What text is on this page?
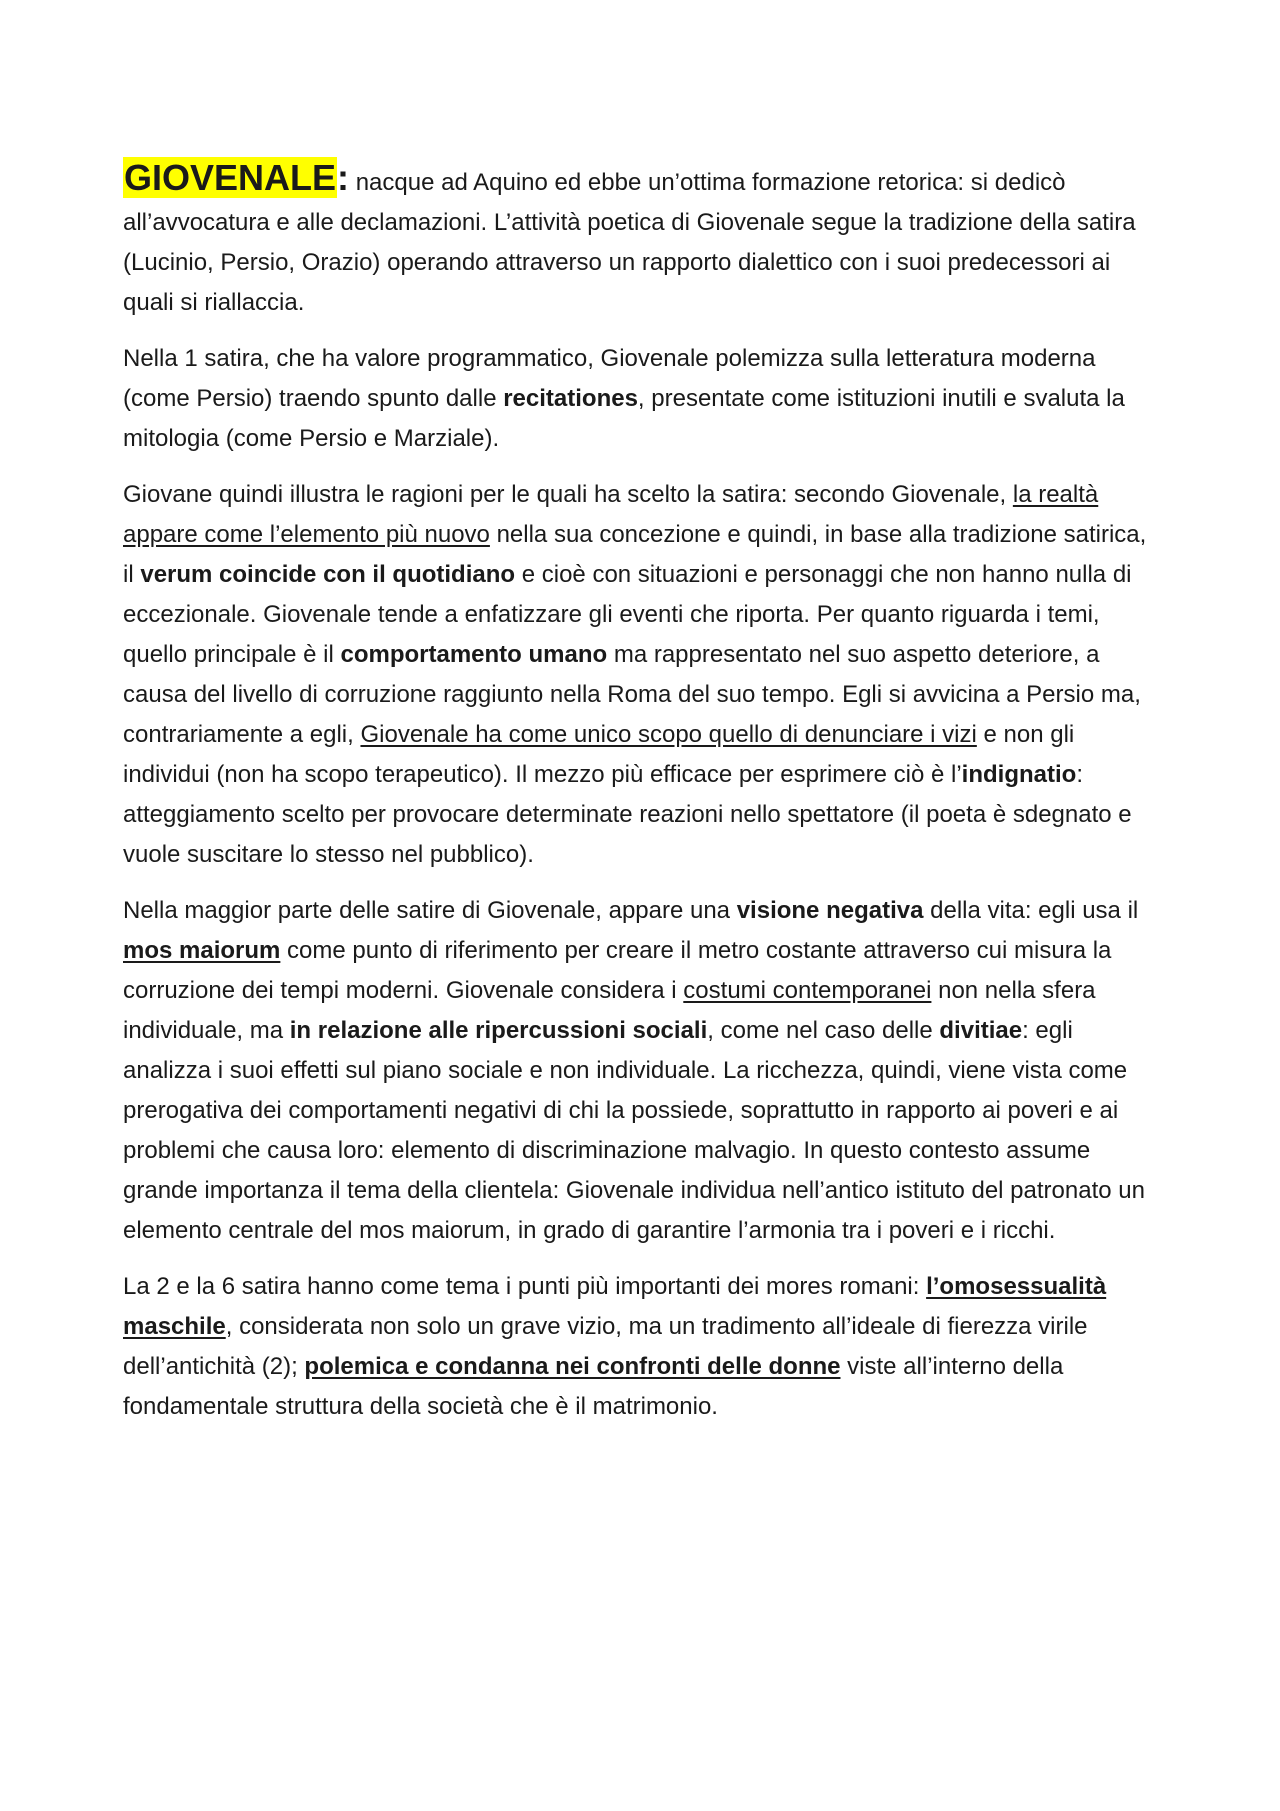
GIOVENALE: nacque ad Aquino ed ebbe un’ottima formazione retorica: si dedicò all’avvocatura e alle declamazioni. L’attività poetica di Giovenale segue la tradizione della satira (Lucinio, Persio, Orazio) operando attraverso un rapporto dialettico con i suoi predecessori ai quali si riallaccia.

Nella 1 satira, che ha valore programmatico, Giovenale polemizza sulla letteratura moderna (come Persio) traendo spunto dalle recitationes, presentate come istituzioni inutili e svaluta la mitologia (come Persio e Marziale).

Giovane quindi illustra le ragioni per le quali ha scelto la satira: secondo Giovenale, la realtà appare come l’elemento più nuovo nella sua concezione e quindi, in base alla tradizione satirica, il verum coincide con il quotidiano e cioè con situazioni e personaggi che non hanno nulla di eccezionale. Giovenale tende a enfatizzare gli eventi che riporta. Per quanto riguarda i temi, quello principale è il comportamento umano ma rappresentato nel suo aspetto deteriore, a causa del livello di corruzione raggiunto nella Roma del suo tempo. Egli si avvicina a Persio ma, contrariamente a egli, Giovenale ha come unico scopo quello di denunciare i vizi e non gli individui (non ha scopo terapeutico). Il mezzo più efficace per esprimere ciò è l’indignatio: atteggiamento scelto per provocare determinate reazioni nello spettatore (il poeta è sdegnato e vuole suscitare lo stesso nel pubblico).

Nella maggior parte delle satire di Giovenale, appare una visione negativa della vita: egli usa il mos maiorum come punto di riferimento per creare il metro costante attraverso cui misura la corruzione dei tempi moderni. Giovenale considera i costumi contemporanei non nella sfera individuale, ma in relazione alle ripercussioni sociali, come nel caso delle divitiae: egli analizza i suoi effetti sul piano sociale e non individuale. La ricchezza, quindi, viene vista come prerogativa dei comportamenti negativi di chi la possiede, soprattutto in rapporto ai poveri e ai problemi che causa loro: elemento di discriminazione malvagio. In questo contesto assume grande importanza il tema della clientela: Giovenale individua nell’antico istituto del patronato un elemento centrale del mos maiorum, in grado di garantire l’armonia tra i poveri e i ricchi.

La 2 e la 6 satira hanno come tema i punti più importanti dei mores romani: l’omosessualità maschile, considerata non solo un grave vizio, ma un tradimento all’ideale di fierezza virile dell’antichità (2); polemica e condanna nei confronti delle donne viste all’interno della fondamentale struttura della società che è il matrimonio.
